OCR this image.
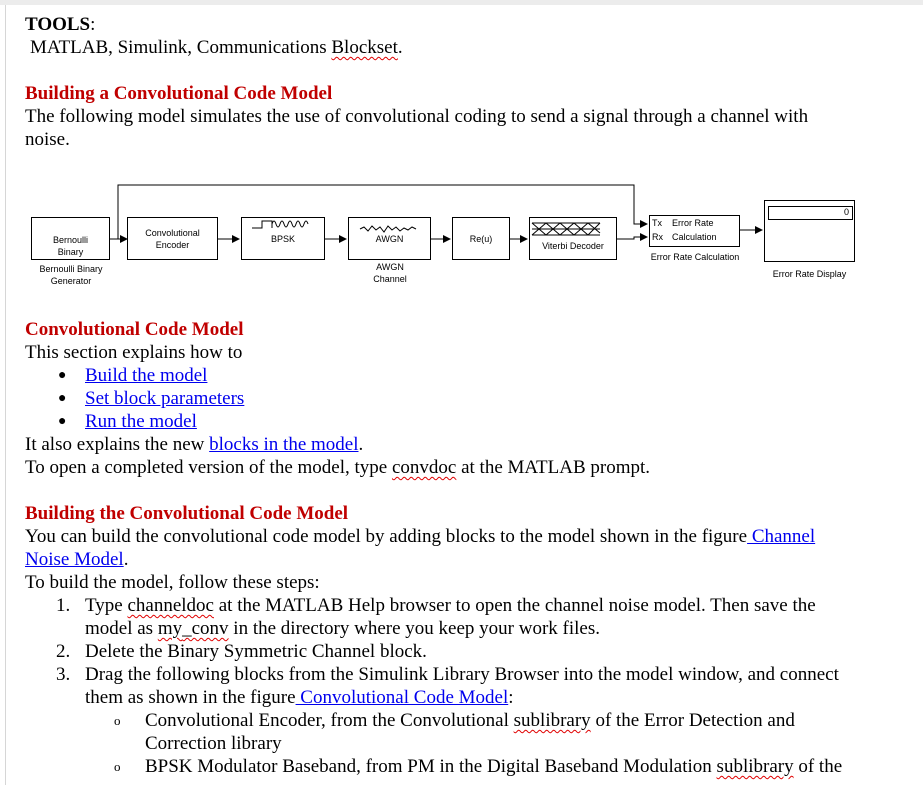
TOOLS:
MATLAB, Simulink, Communications Blockset.
Building a Convolutional Code Model
The following model simulates the use of convolutional coding to send a signal through a channel with
noise.
Bernoulli
Binary
Bernoulli Binary
Generator
Convolutional
Encoder
BPSK	AWGN
AWGN
Channel
Re(u)
Viterbi Decoder
Tx
Rx
Error Rate
Calculation
Error Rate Calculation
0
Error Rate Display
Convolutional Code Model
This section explains how to
● Build the model
● Set block parameters
● Run the model
It also explains the new blocks in the model.
To open a completed version of the model, type convdoc at the MATLAB prompt.
Building the Convolutional Code Model
You can build the convolutional code model by adding blocks to the model shown in the figure Channel
Noise Model.
To build the model, follow these steps:
1. Type channeldoc at the MATLAB Help browser to open the channel noise model. Then save the
model as my_conv in the directory where you keep your work files.
2. Delete the Binary Symmetric Channel block.
3. Drag the following blocks from the Simulink Library Browser into the model window, and connect
them as shown in the figure Convolutional Code Model:
o Convolutional Encoder, from the Convolutional sublibrary of the Error Detection and
Correction library
o BPSK Modulator Baseband, from PM in the Digital Baseband Modulation sublibrary of the
